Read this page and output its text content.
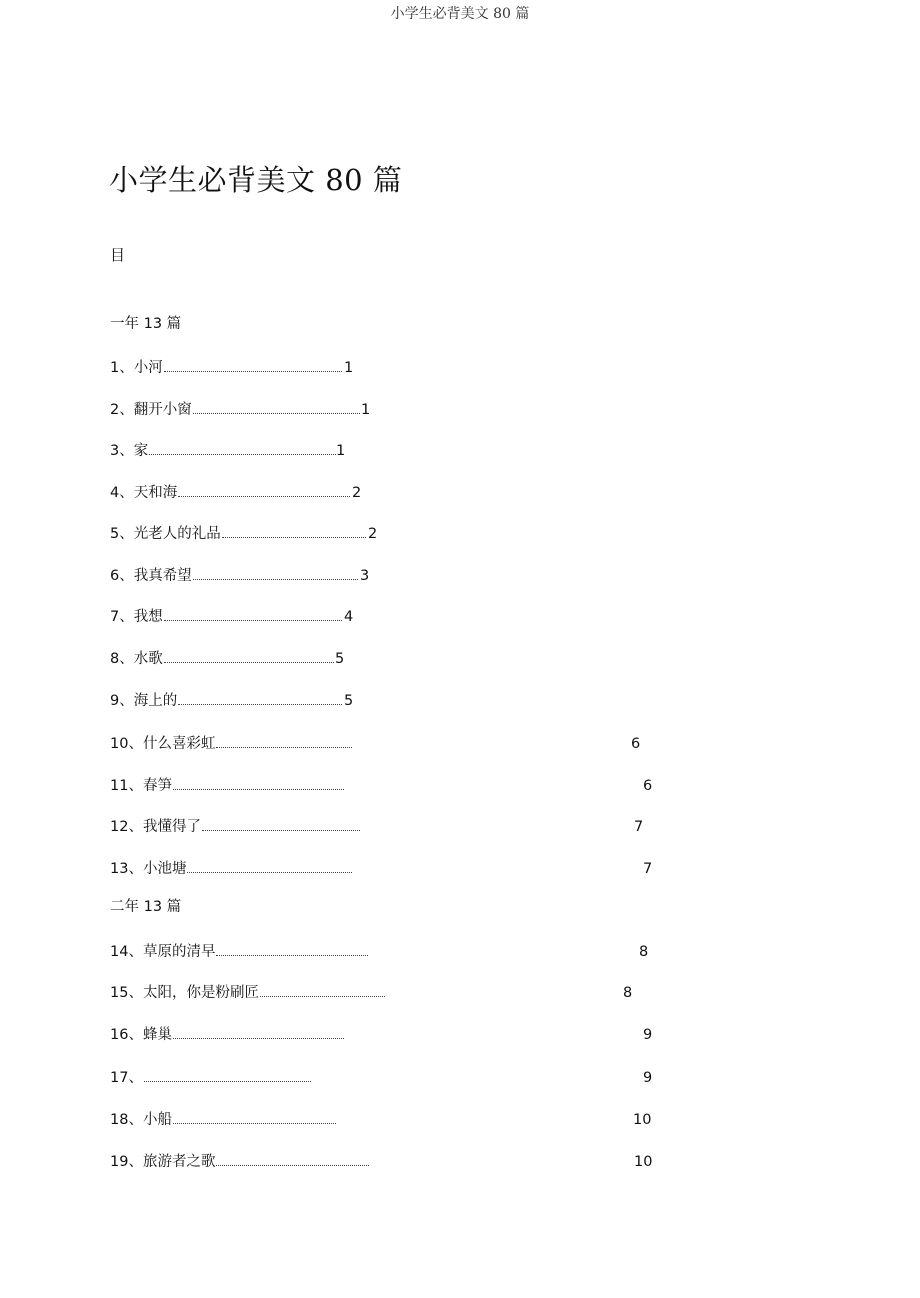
小学生必背美文 80 篇
小学生必背美文 80 篇
目
一年 13 篇
1、小河	1
2、翻开小窗	1
3、家	1
4、天和海	2
5、光老人的礼品	2
6、我真希望	3
7、我想	4
8、水歌	5
9、海上的	5
10、什么喜彩虹	6
11、春笋	6
12、我懂得了	7
13、小池塘	7
二年 13 篇
14、草原的清早	8
15、太阳，你是粉刷匠	8
16、蜂巢	9
17、	9
18、小船	10
19、旅游者之歌	10
